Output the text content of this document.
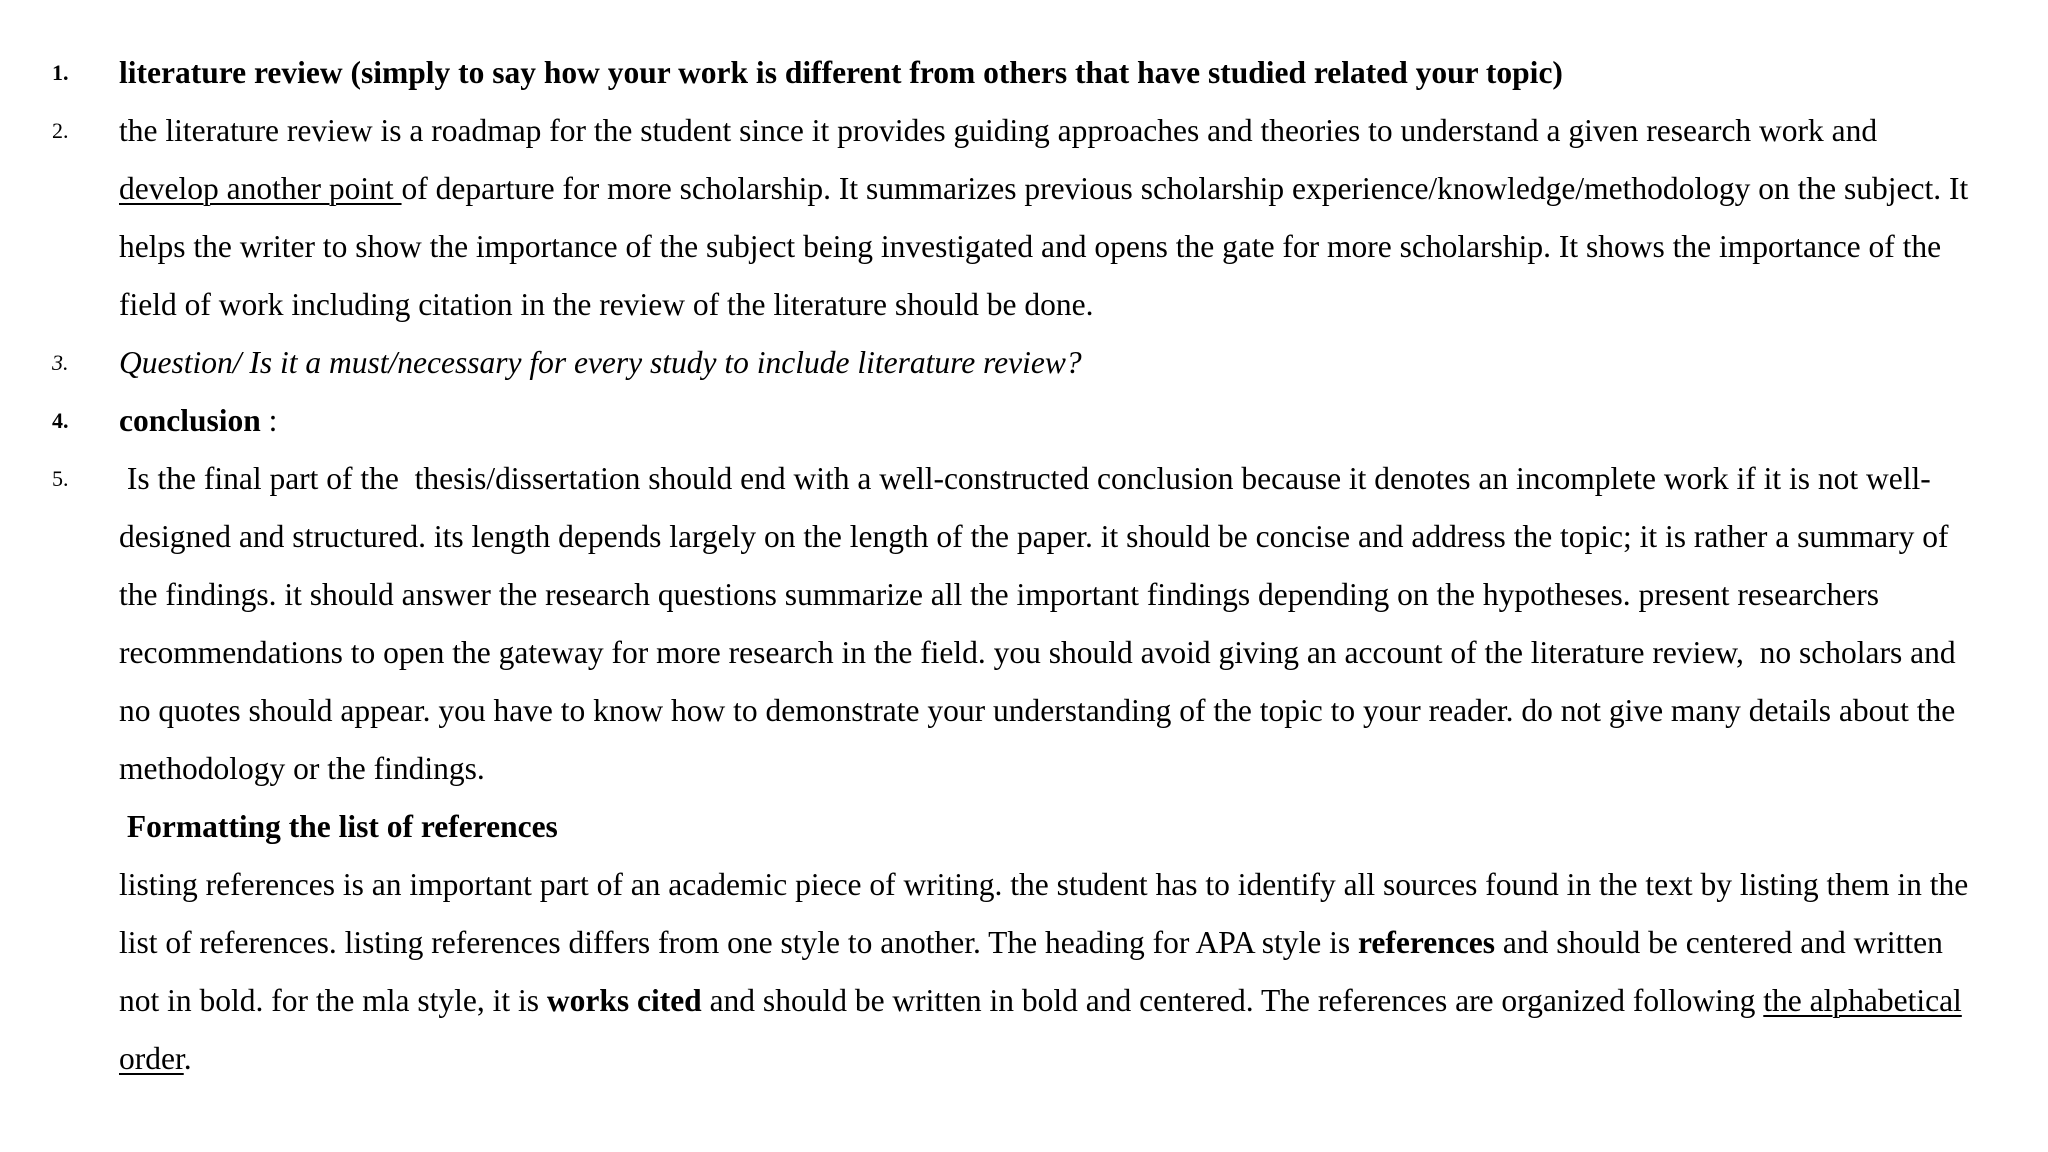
1. literature review (simply to say how your work is different from others that have studied related your topic)
2. the literature review is a roadmap for the student since it provides guiding approaches and theories to understand a given research work and
develop another point of departure for more scholarship. It summarizes previous scholarship experience/knowledge/methodology on the subject. It
helps the writer to show the importance of the subject being investigated and opens the gate for more scholarship. It shows the importance of the
field of work including citation in the review of the literature should be done.
3. Question/ Is it a must/necessary for every study to include literature review?
4. conclusion :
5. Is the final part of the  thesis/dissertation should end with a well-constructed conclusion because it denotes an incomplete work if it is not well-
designed and structured. its length depends largely on the length of the paper. it should be concise and address the topic; it is rather a summary of
the findings. it should answer the research questions summarize all the important findings depending on the hypotheses. present researchers
recommendations to open the gateway for more research in the field. you should avoid giving an account of the literature review,  no scholars and
no quotes should appear. you have to know how to demonstrate your understanding of the topic to your reader. do not give many details about the
methodology or the findings.
Formatting the list of references
listing references is an important part of an academic piece of writing. the student has to identify all sources found in the text by listing them in the
list of references. listing references differs from one style to another. The heading for APA style is references and should be centered and written
not in bold. for the mla style, it is works cited and should be written in bold and centered. The references are organized following the alphabetical
order.
